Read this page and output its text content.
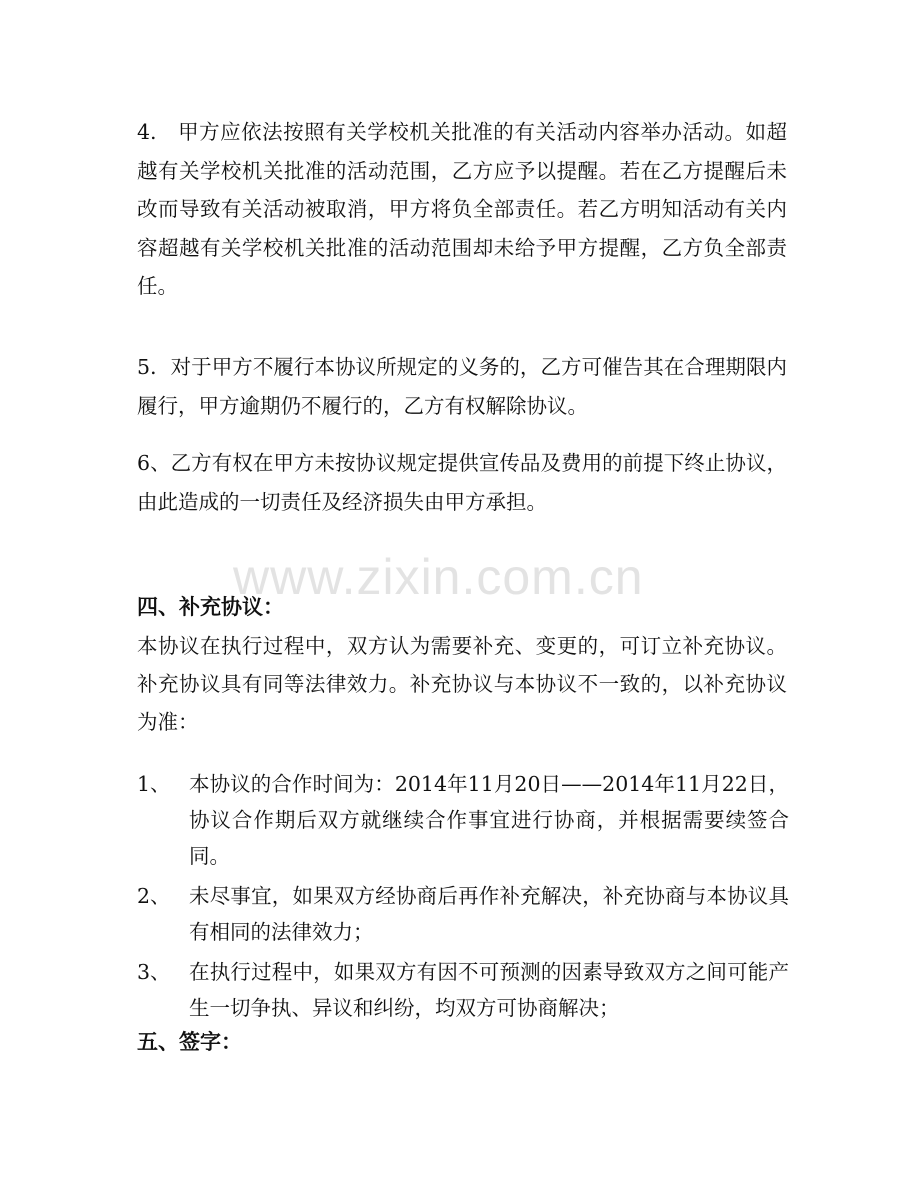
4.　甲方应依法按照有关学校机关批准的有关活动内容举办活动。如超越有关学校机关批准的活动范围，乙方应予以提醒。若在乙方提醒后未改而导致有关活动被取消，甲方将负全部责任。若乙方明知活动有关内容超越有关学校机关批准的活动范围却未给予甲方提醒，乙方负全部责任。

5．对于甲方不履行本协议所规定的义务的，乙方可催告其在合理期限内履行，甲方逾期仍不履行的，乙方有权解除协议。

6、乙方有权在甲方未按协议规定提供宣传品及费用的前提下终止协议，由此造成的一切责任及经济损失由甲方承担。

www.zixin.com.cn
四、补充协议：

本协议在执行过程中，双方认为需要补充、变更的，可订立补充协议。补充协议具有同等法律效力。补充协议与本协议不一致的，以补充协议为准：

1、 本协议的合作时间为：2014年11月20日——2014年11月22日，协议合作期后双方就继续合作事宜进行协商，并根据需要续签合同。
2、 未尽事宜，如果双方经协商后再作补充解决，补充协商与本协议具有相同的法律效力；
3、 在执行过程中，如果双方有因不可预测的因素导致双方之间可能产生一切争执、异议和纠纷，均双方可协商解决；
五、签字：
